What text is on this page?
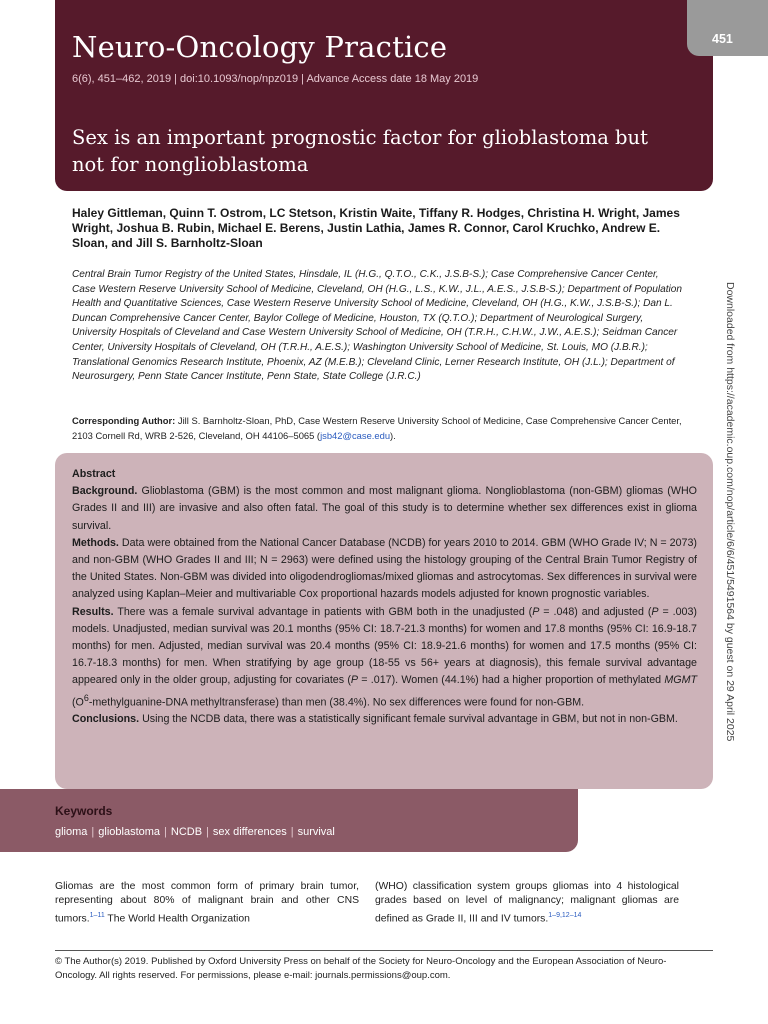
Neuro-Oncology Practice
6(6), 451–462, 2019 | doi:10.1093/nop/npz019 | Advance Access date 18 May 2019
Sex is an important prognostic factor for glioblastoma but not for nonglioblastoma
451
Downloaded from https://academic.oup.com/nop/article/6/6/451/5491564 by guest on 29 April 2025
Haley Gittleman, Quinn T. Ostrom, LC Stetson, Kristin Waite, Tiffany R. Hodges, Christina H. Wright, James Wright, Joshua B. Rubin, Michael E. Berens, Justin Lathia, James R. Connor, Carol Kruchko, Andrew E. Sloan, and Jill S. Barnholtz-Sloan
Central Brain Tumor Registry of the United States, Hinsdale, IL (H.G., Q.T.O., C.K., J.S.B-S.); Case Comprehensive Cancer Center, Case Western Reserve University School of Medicine, Cleveland, OH (H.G., L.S., K.W., J.L., A.E.S., J.S.B-S.); Department of Population Health and Quantitative Sciences, Case Western Reserve University School of Medicine, Cleveland, OH (H.G., K.W., J.S.B-S.); Dan L. Duncan Comprehensive Cancer Center, Baylor College of Medicine, Houston, TX (Q.T.O.); Department of Neurological Surgery, University Hospitals of Cleveland and Case Western University School of Medicine, OH (T.R.H., C.H.W., J.W., A.E.S.); Seidman Cancer Center, University Hospitals of Cleveland, OH (T.R.H., A.E.S.); Washington University School of Medicine, St. Louis, MO (J.B.R.); Translational Genomics Research Institute, Phoenix, AZ (M.E.B.); Cleveland Clinic, Lerner Research Institute, OH (J.L.); Department of Neurosurgery, Penn State Cancer Institute, Penn State, State College (J.R.C.)
Corresponding Author: Jill S. Barnholtz-Sloan, PhD, Case Western Reserve University School of Medicine, Case Comprehensive Cancer Center, 2103 Cornell Rd, WRB 2-526, Cleveland, OH 44106–5065 (jsb42@case.edu).
Abstract
Background. Glioblastoma (GBM) is the most common and most malignant glioma. Nonglioblastoma (non-GBM) gliomas (WHO Grades II and III) are invasive and also often fatal. The goal of this study is to determine whether sex differences exist in glioma survival.
Methods. Data were obtained from the National Cancer Database (NCDB) for years 2010 to 2014. GBM (WHO Grade IV; N = 2073) and non-GBM (WHO Grades II and III; N = 2963) were defined using the histology grouping of the Central Brain Tumor Registry of the United States. Non-GBM was divided into oligodendrogliomas/mixed gliomas and astrocytomas. Sex differences in survival were analyzed using Kaplan–Meier and multivariable Cox proportional hazards models adjusted for known prognostic variables.
Results. There was a female survival advantage in patients with GBM both in the unadjusted (P = .048) and adjusted (P = .003) models. Unadjusted, median survival was 20.1 months (95% CI: 18.7-21.3 months) for women and 17.8 months (95% CI: 16.9-18.7 months) for men. Adjusted, median survival was 20.4 months (95% CI: 18.9-21.6 months) for women and 17.5 months (95% CI: 16.7-18.3 months) for men. When stratifying by age group (18-55 vs 56+ years at diagnosis), this female survival advantage appeared only in the older group, adjusting for covariates (P = .017). Women (44.1%) had a higher proportion of methylated MGMT ($O^6-methylguanine$-DNA methyltransferase) than men (38.4%). No sex differences were found for non-GBM.
Conclusions. Using the NCDB data, there was a statistically significant female survival advantage in GBM, but not in non-GBM.
Keywords
glioma | glioblastoma | NCDB | sex differences | survival
Gliomas are the most common form of primary brain tumor, representing about 80% of malignant brain and other CNS tumors.$^{1-11}$ The World Health Organization
(WHO) classification system groups gliomas into 4 histological grades based on level of malignancy; malignant gliomas are defined as Grade II, III and IV tumors.$^{1-9,12-14}$
© The Author(s) 2019. Published by Oxford University Press on behalf of the Society for Neuro-Oncology and the European Association of Neuro-Oncology. All rights reserved. For permissions, please e-mail: journals.permissions@oup.com.
